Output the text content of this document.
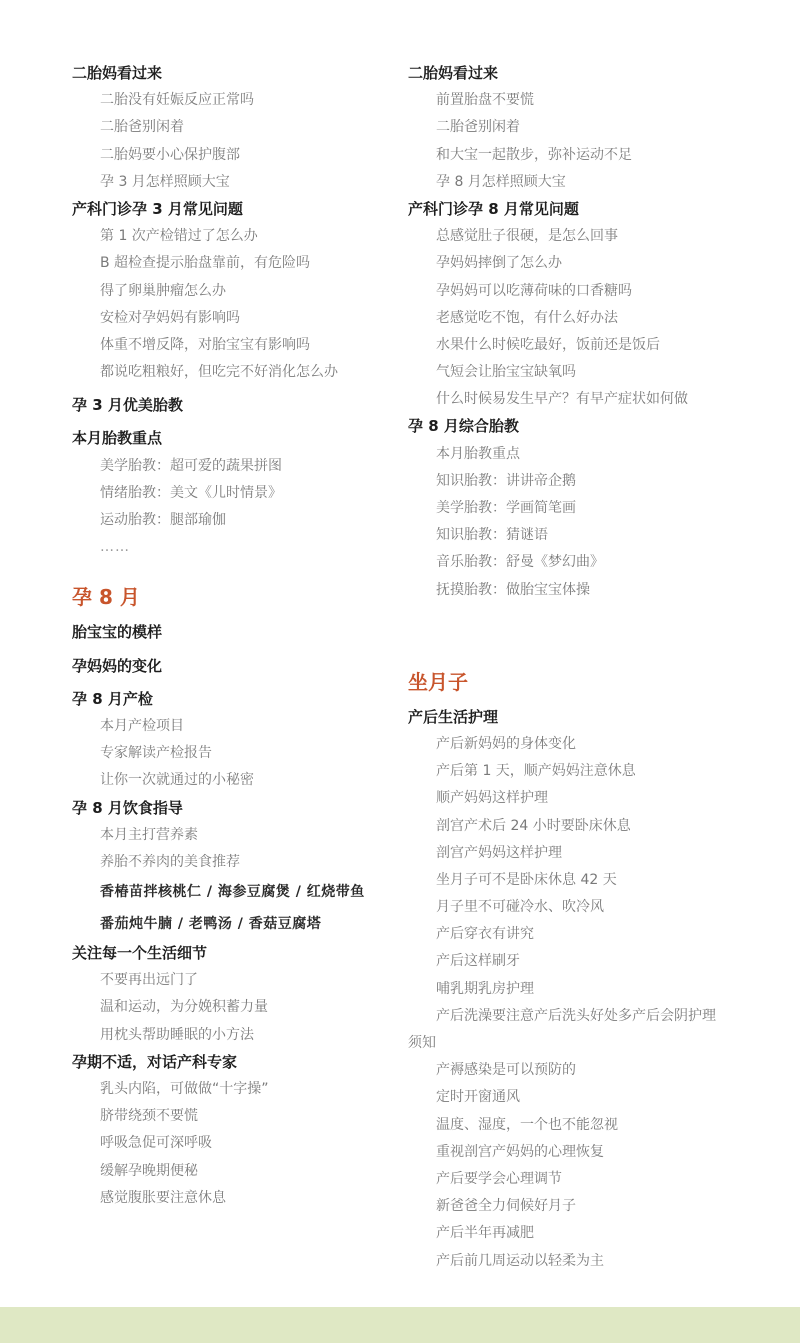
二胎妈看过来
二胎没有妊娠反应正常吗
二胎爸别闲着
二胎妈要小心保护腹部
孕 3 月怎样照顾大宝
产科门诊孕 3 月常见问题
第 1 次产检错过了怎么办
B 超检查提示胎盘靠前，有危险吗
得了卵巢肿瘤怎么办
安检对孕妈妈有影响吗
体重不增反降，对胎宝宝有影响吗
都说吃粗粮好，但吃完不好消化怎么办
孕 3 月优美胎教
本月胎教重点
美学胎教：超可爱的蔬果拼图
情绪胎教：美文《儿时情景》
运动胎教：腿部瑜伽
……
孕 8 月
胎宝宝的模样
孕妈妈的变化
孕 8 月产检
本月产检项目
专家解读产检报告
让你一次就通过的小秘密
孕 8 月饮食指导
本月主打营养素
养胎不养肉的美食推荐
香椿苗拌核桃仁 / 海参豆腐煲 / 红烧带鱼
番茄炖牛腩 / 老鸭汤 / 香菇豆腐塔
关注每一个生活细节
不要再出远门了
温和运动，为分娩积蓄力量
用枕头帮助睡眠的小方法
孕期不适，对话产科专家
乳头内陷，可做做“十字操”
脐带绕颈不要慌
呼吸急促可深呼吸
缓解孕晚期便秘
感觉腹胀要注意休息
二胎妈看过来
前置胎盘不要慌
二胎爸别闲着
和大宝一起散步，弥补运动不足
孕 8 月怎样照顾大宝
产科门诊孕 8 月常见问题
总感觉肚子很硬，是怎么回事
孕妈妈摔倒了怎么办
孕妈妈可以吃薄荷味的口香糖吗
老感觉吃不饱，有什么好办法
水果什么时候吃最好，饭前还是饭后
气短会让胎宝宝缺氧吗
什么时候易发生早产？有早产症状如何做
孕 8 月综合胎教
本月胎教重点
知识胎教：讲讲帝企鹅
美学胎教：学画简笔画
知识胎教：猜谜语
音乐胎教：舒曼《梦幻曲》
抚摸胎教：做胎宝宝体操
坐月子
产后生活护理
产后新妈妈的身体变化
产后第 1 天，顺产妈妈注意休息
顺产妈妈这样护理
剖宫产术后 24 小时要卧床休息
剖宫产妈妈这样护理
坐月子可不是卧床休息 42 天
月子里不可碰冷水、吹冷风
产后穿衣有讲究
产后这样刷牙
哺乳期乳房护理
产后洗澡要注意产后洗头好处多产后会阴护理
须知
产褥感染是可以预防的
定时开窗通风
温度、湿度，一个也不能忽视
重视剖宫产妈妈的心理恢复
产后要学会心理调节
新爸爸全力伺候好月子
产后半年再减肥
产后前几周运动以轻柔为主
